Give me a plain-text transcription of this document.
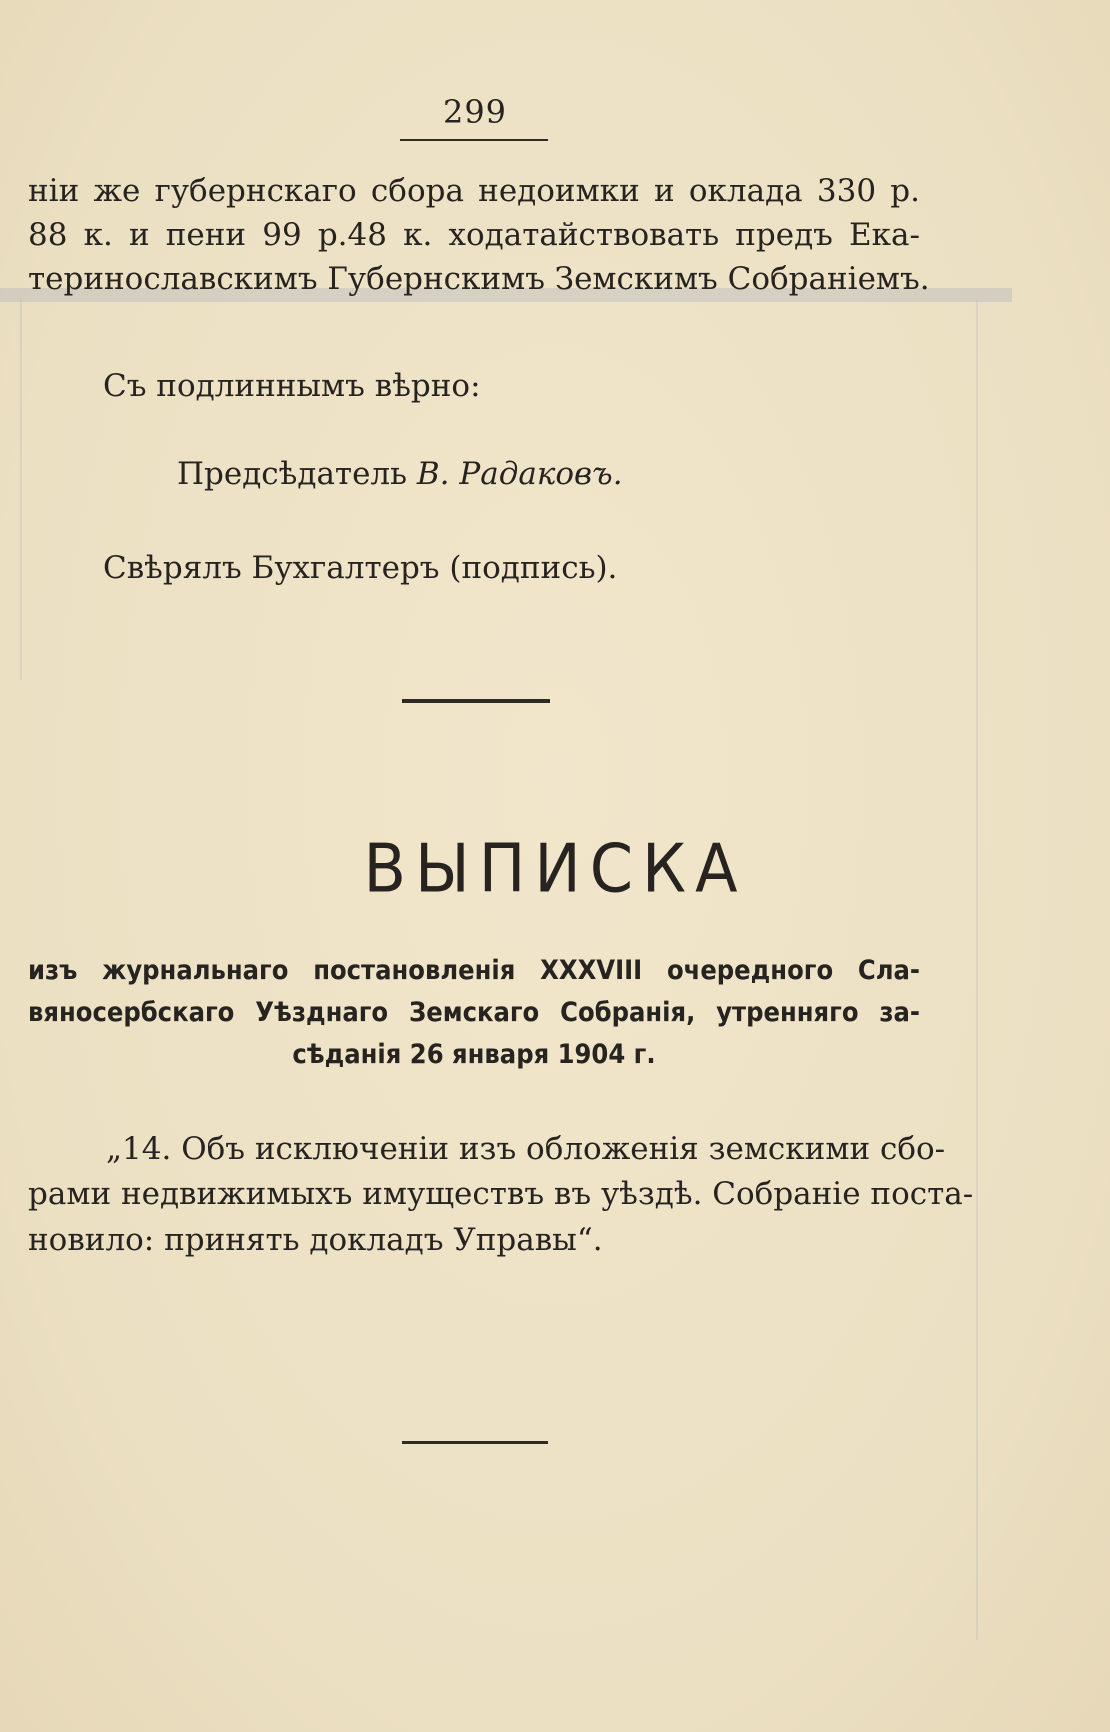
299
нiи же губернскаго сбора недоимки и оклада 330 р.
88 к. и пени 99 р.48 к. ходатайствовать предъ Ека-
теринославскимъ Губернскимъ Земскимъ Собраніемъ.
Съ подлиннымъ вѣрно:
Предсѣдатель В. Радаковъ.
Свѣрялъ Бухгалтеръ (подпись).
ВЫПИСКА
изъ журнальнаго постановленія XXXVIII очередного Сла-
вяносербскаго Уѣзднаго Земскаго Собранія, утренняго за-
сѣданія 26 января 1904 г.
„14. Объ исключеніи изъ обложенія земскими сбо-
рами недвижимыхъ имуществъ въ уѣздѣ. Собраніе поста-
новило: принять докладъ Управы“.
